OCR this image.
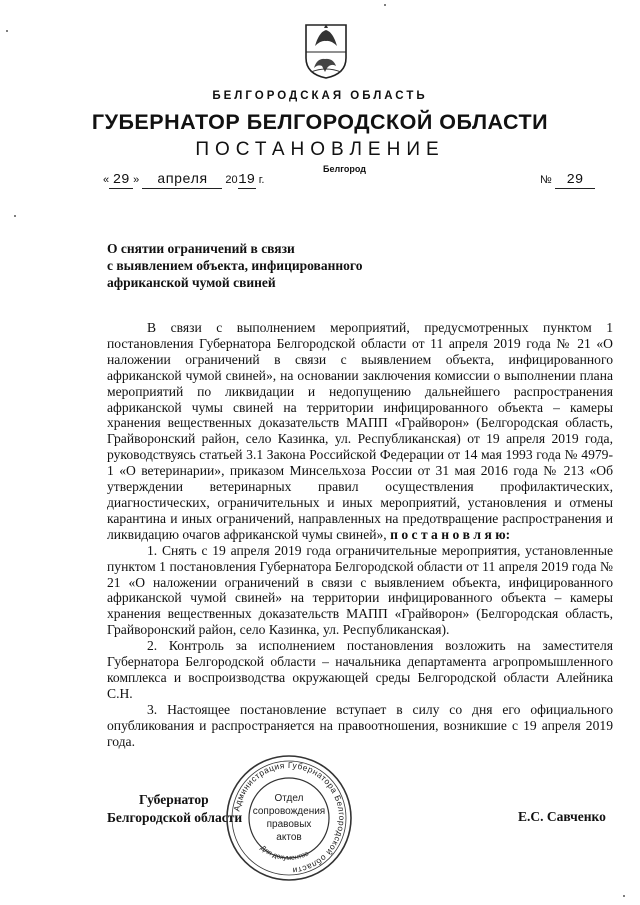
БЕЛГОРОДСКАЯ ОБЛАСТЬ
ГУБЕРНАТОР БЕЛГОРОДСКОЙ ОБЛАСТИ
ПОСТАНОВЛЕНИЕ
Белгород
« 29 » апреля 2019 г.	№ 29
О снятии ограничений в связи
с выявлением объекта, инфицированного
африканской чумой свиней

В связи с выполнением мероприятий, предусмотренных пунктом 1 постановления Губернатора Белгородской области от 11 апреля 2019 года № 21 «О наложении ограничений в связи с выявлением объекта, инфицированного африканской чумой свиней», на основании заключения комиссии о выполнении плана мероприятий по ликвидации и недопущению дальнейшего распространения африканской чумы свиней на территории инфицированного объекта – камеры хранения вещественных доказательств МАПП «Грайворон» (Белгородская область, Грайворонский район, село Казинка, ул. Республиканская) от 19 апреля 2019 года, руководствуясь статьей 3.1 Закона Российской Федерации от 14 мая 1993 года № 4979-1 «О ветеринарии», приказом Минсельхоза России от 31 мая 2016 года № 213 «Об утверждении ветеринарных правил осуществления профилактических, диагностических, ограничительных и иных мероприятий, установления и отмены карантина и иных ограничений, направленных на предотвращение распространения и ликвидацию очагов африканской чумы свиней», п о с т а н о в л я ю:

1. Снять с 19 апреля 2019 года ограничительные мероприятия, установленные пунктом 1 постановления Губернатора Белгородской области от 11 апреля 2019 года № 21 «О наложении ограничений в связи с выявлением объекта, инфицированного африканской чумой свиней» на территории инфицированного объекта – камеры хранения вещественных доказательств МАПП «Грайворон» (Белгородская область, Грайворонский район, село Казинка, ул. Республиканская).

2. Контроль за исполнением постановления возложить на заместителя Губернатора Белгородской области – начальника департамента агропромышленного комплекса и воспроизводства окружающей среды Белгородской области Алейника С.Н.

3. Настоящее постановление вступает в силу со дня его официального опубликования и распространяется на правоотношения, возникшие с 19 апреля 2019 года.

Губернатор
Белгородской области	Е.С. Савченко
Администрация Губернатора Белгородской области
Для документов
Отдел
сопровождения
правовых
актов
